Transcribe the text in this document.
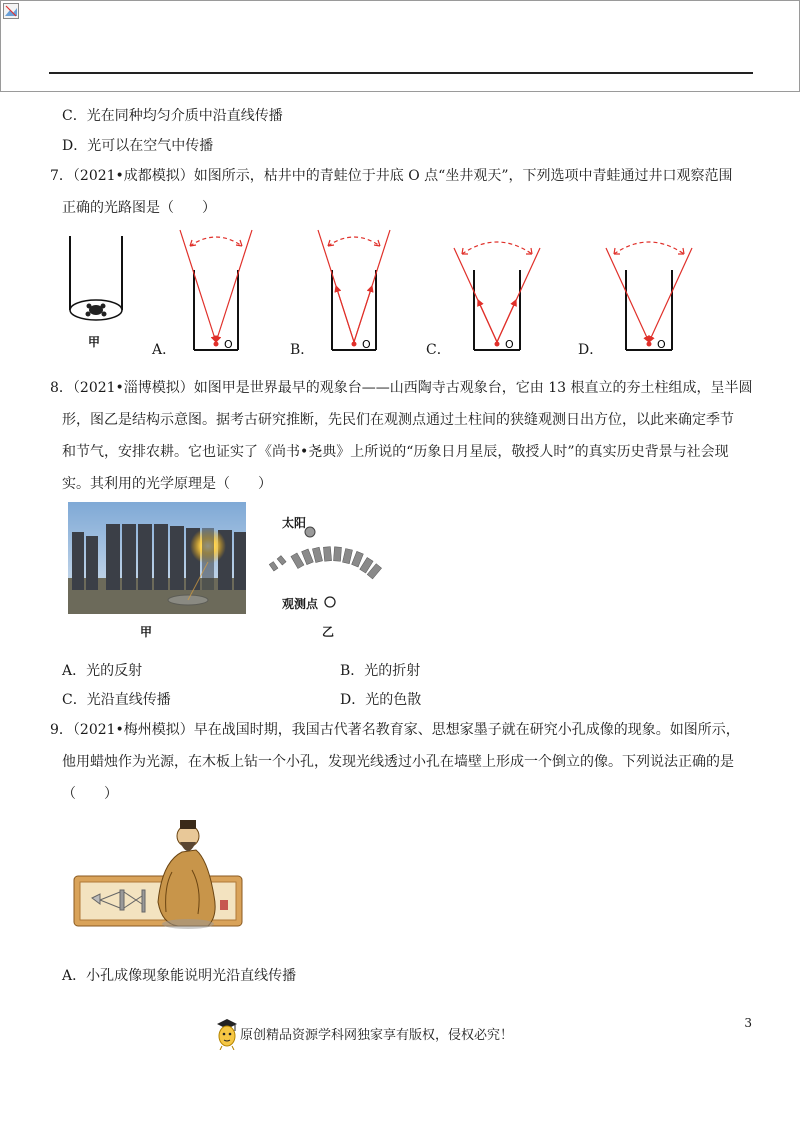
C．光在同种均匀介质中沿直线传播
D．光可以在空气中传播
7．（2021•成都模拟）如图所示，枯井中的青蛙位于井底 O 点“坐井观天”，下列选项中青蛙通过井口观察范围
正确的光路图是（　　）
甲	O
A．	O
B．	O
C．	O
D．
8．（2021•淄博模拟）如图甲是世界最早的观象台——山西陶寺古观象台，它由 13 根直立的夯土柱组成，呈半圆
形，图乙是结构示意图。据考古研究推断，先民们在观测点通过土柱间的狭缝观测日出方位，以此来确定季节
和节气，安排农耕。它也证实了《尚书•尧典》上所说的“历象日月星辰，敬授人时”的真实历史背景与社会现
实。其利用的光学原理是（　　）
甲
太阳
观测点
乙
A．光的反射	B．光的折射
C．光沿直线传播	D．光的色散
9．（2021•梅州模拟）早在战国时期，我国古代著名教育家、思想家墨子就在研究小孔成像的现象。如图所示，
他用蜡烛作为光源，在木板上钻一个小孔，发现光线透过小孔在墙壁上形成一个倒立的像。下列说法正确的是
（　　）
A．小孔成像现象能说明光沿直线传播
原创精品资源学科网独家享有版权，侵权必究！
3
